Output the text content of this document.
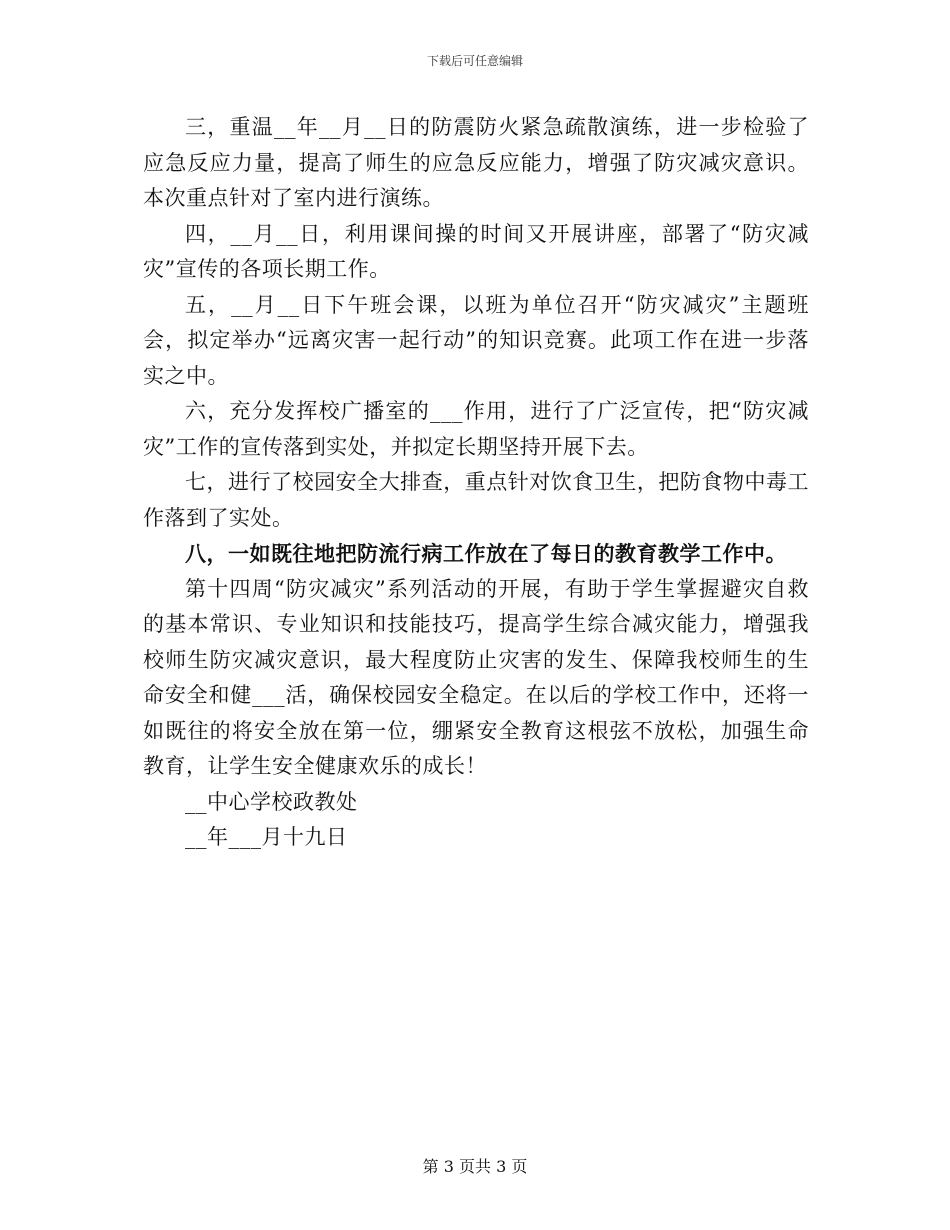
下载后可任意编辑

三，重温__年__月__日的防震防火紧急疏散演练，进一步检验了应急反应力量，提高了师生的应急反应能力，增强了防灾减灾意识。本次重点针对了室内进行演练。

四，__月__日，利用课间操的时间又开展讲座，部署了“防灾减灾”宣传的各项长期工作。

五，__月__日下午班会课，以班为单位召开“防灾减灾”主题班会，拟定举办“远离灾害一起行动”的知识竞赛。此项工作在进一步落实之中。

六，充分发挥校广播室的___作用，进行了广泛宣传，把“防灾减灾”工作的宣传落到实处，并拟定长期坚持开展下去。

七，进行了校园安全大排查，重点针对饮食卫生，把防食物中毒工作落到了实处。

八，一如既往地把防流行病工作放在了每日的教育教学工作中。

第十四周“防灾减灾”系列活动的开展，有助于学生掌握避灾自救的基本常识、专业知识和技能技巧，提高学生综合减灾能力，增强我校师生防灾减灾意识，最大程度防止灾害的发生、保障我校师生的生命安全和健___活，确保校园安全稳定。在以后的学校工作中，还将一如既往的将安全放在第一位，绷紧安全教育这根弦不放松，加强生命教育，让学生安全健康欢乐的成长！

__中心学校政教处

__年___月十九日

第 3 页共 3 页
